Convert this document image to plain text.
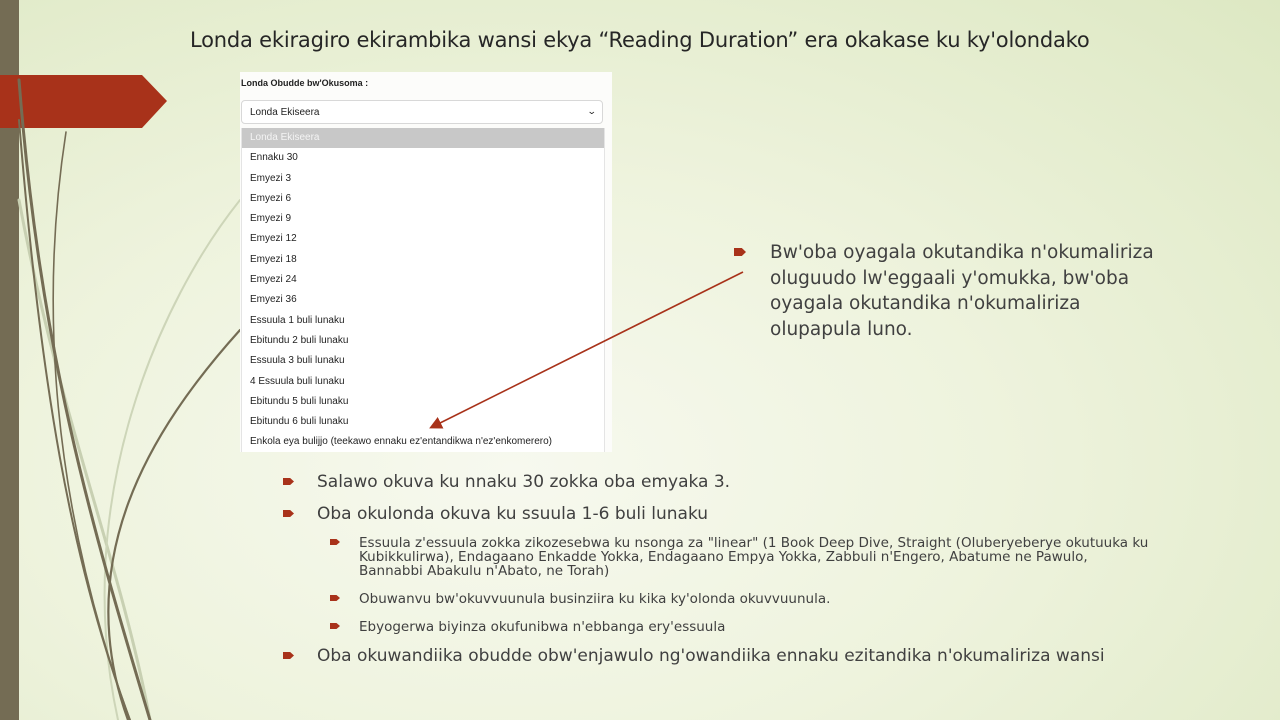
Londa ekiragiro ekirambika wansi ekya “Reading Duration” era okakase ku ky'olondako
Londa Obudde bw'Okusoma :
Londa Ekiseera	⌄
Londa Ekiseera
Ennaku 30
Emyezi 3
Emyezi 6
Emyezi 9
Emyezi 12
Emyezi 18
Emyezi 24
Emyezi 36
Essuula 1 buli lunaku
Ebitundu 2 buli lunaku
Essuula 3 buli lunaku
4 Essuula buli lunaku
Ebitundu 5 buli lunaku
Ebitundu 6 buli lunaku
Enkola eya bulijjo (teekawo ennaku ez'entandikwa n'ez'enkomerero)
Bw'oba oyagala okutandika n'okumaliriza oluguudo lw'eggaali y'omukka, bw'oba oyagala okutandika n'okumaliriza olupapula luno.
Salawo okuva ku nnaku 30 zokka oba emyaka 3.
Oba okulonda okuva ku ssuula 1-6 buli lunaku
Essuula z'essuula zokka zikozesebwa ku nsonga za "linear" (1 Book Deep Dive, Straight (Oluberyeberye okutuuka ku Kubikkulirwa), Endagaano Enkadde Yokka, Endagaano Empya Yokka, Zabbuli n'Engero, Abatume ne Pawulo, Bannabbi Abakulu n'Abato, ne Torah)
Obuwanvu bw'okuvvuunula businziira ku kika ky'olonda okuvvuunula.
Ebyogerwa biyinza okufunibwa n'ebbanga ery'essuula
Oba okuwandiika obudde obw'enjawulo ng'owandiika ennaku ezitandika n'okumaliriza wansi
